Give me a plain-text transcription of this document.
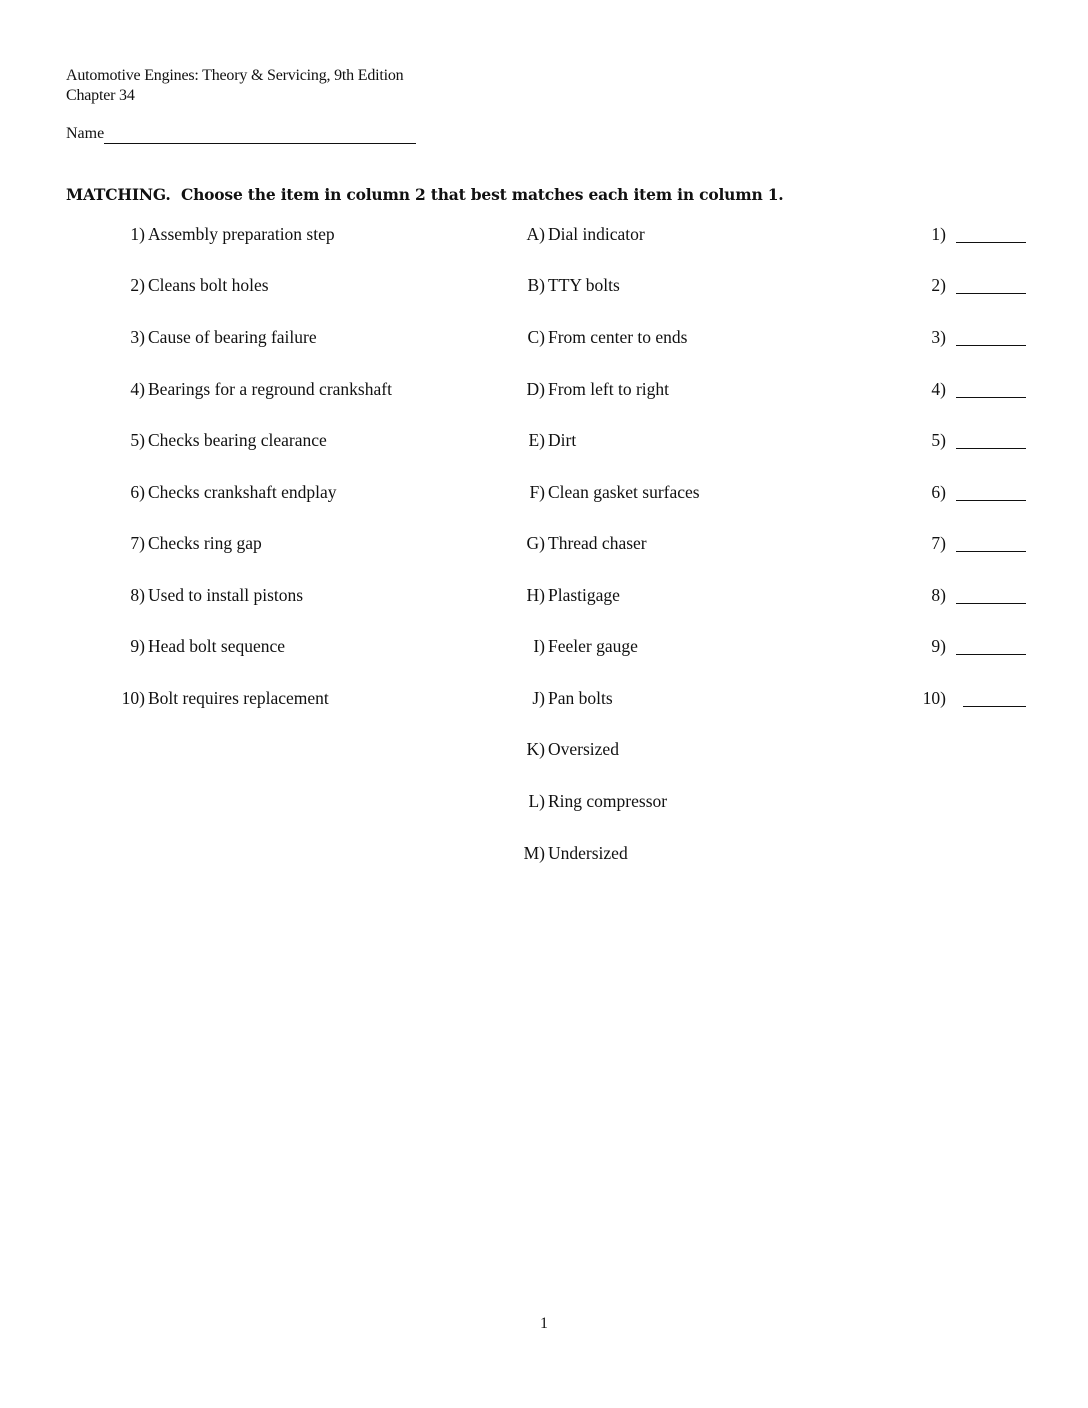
Automotive Engines: Theory & Servicing, 9th Edition
Chapter 34
Name
MATCHING.  Choose the item in column 2 that best matches each item in column 1.
1) Assembly preparation step	A) Dial indicator	1)
2) Cleans bolt holes	B) TTY bolts	2)
3) Cause of bearing failure	C) From center to ends	3)
4) Bearings for a reground crankshaft	D) From left to right	4)
5) Checks bearing clearance	E) Dirt	5)
6) Checks crankshaft endplay	F) Clean gasket surfaces	6)
7) Checks ring gap	G) Thread chaser	7)
8) Used to install pistons	H) Plastigage	8)
9) Head bolt sequence	I) Feeler gauge	9)
10) Bolt requires replacement	J) Pan bolts	10)
K) Oversized
L) Ring compressor
M) Undersized
1
